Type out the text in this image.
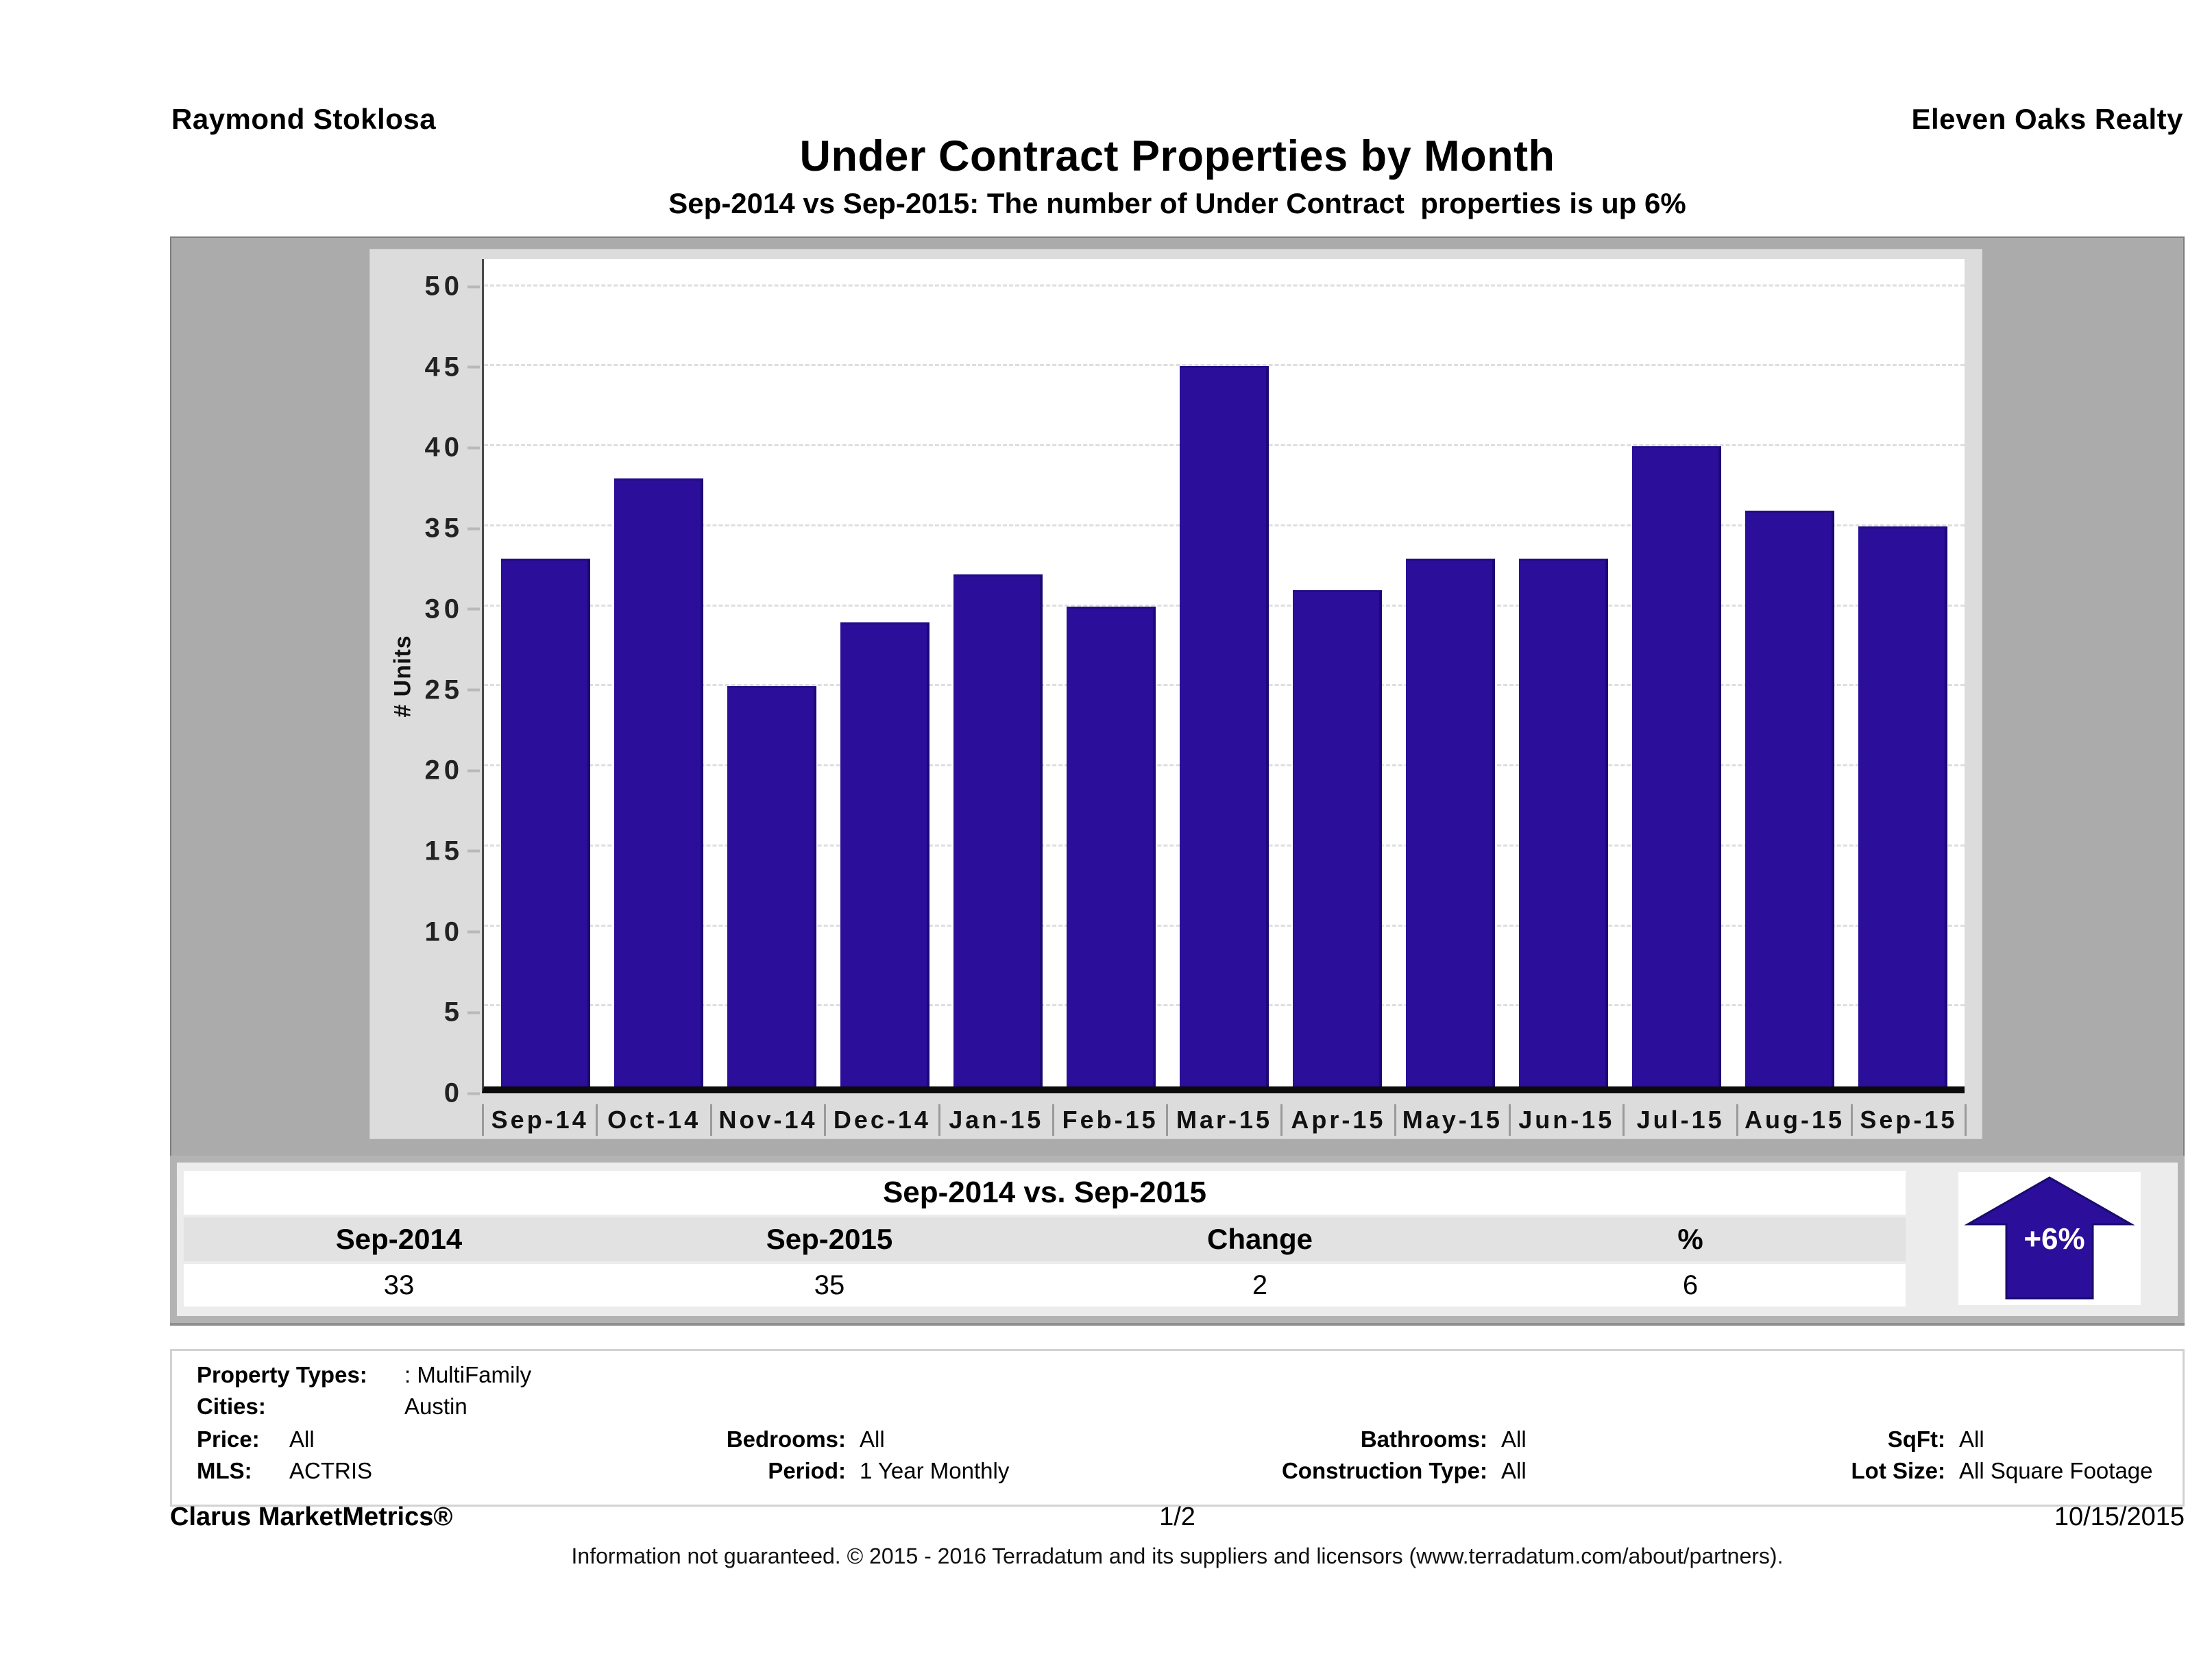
Raymond Stoklosa	Eleven Oaks Realty
Under Contract Properties by Month
Sep-2014 vs Sep-2015: The number of Under Contract  properties is up 6%
# Units
0
5
10
15
20
25
30
35
40
45
50
Sep-14 Oct-14 Nov-14 Dec-14 Jan-15 Feb-15 Mar-15 Apr-15 May-15 Jun-15 Jul-15 Aug-15 Sep-15
Sep-2014 vs. Sep-2015
Sep-2014	Sep-2015	Change	%
33	35	2	6
+6%
Property Types:	: MultiFamily
Cities:	Austin
Price:	All	Bedrooms: All	Bathrooms: All	SqFt: All
MLS:	ACTRIS	Period: 1 Year Monthly	Construction Type: All	Lot Size: All Square Footage
1/2
Clarus MarketMetrics®	10/15/2015
Information not guaranteed. © 2015 - 2016 Terradatum and its suppliers and licensors (www.terradatum.com/about/partners).
